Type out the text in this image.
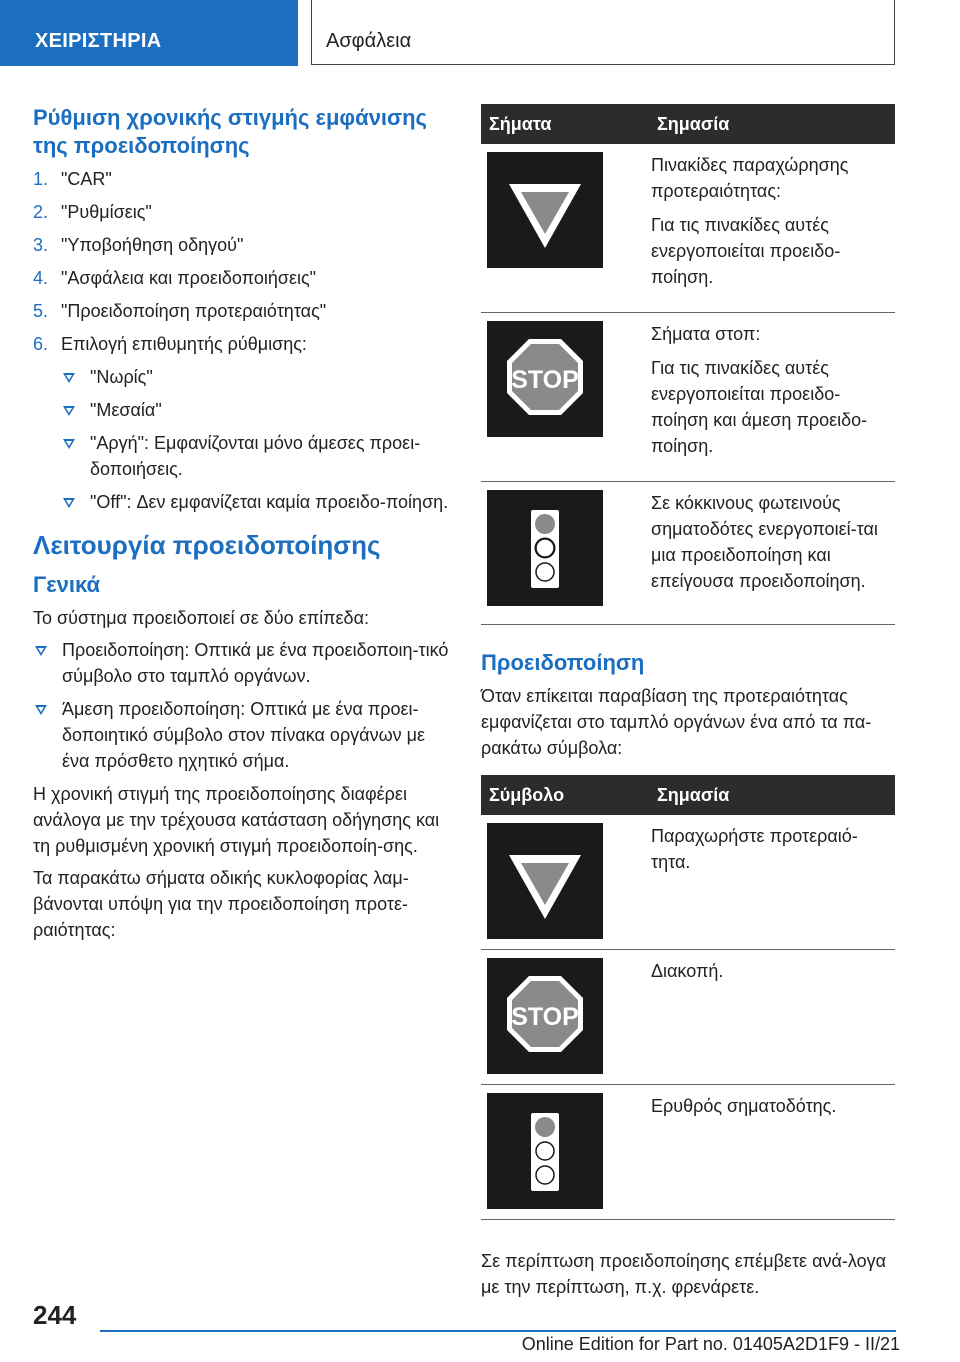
ΧΕΙΡΙΣΤΗΡΙΑ	Ασφάλεια
Ρύθμιση χρονικής στιγμής εμφάνισης της προειδοποίησης
1. "CAR"
2. "Ρυθμίσεις"
3. "Υποβοήθηση οδηγού"
4. "Ασφάλεια και προειδοποιήσεις"
5. "Προειδοποίηση προτεραιότητας"
6. Επιλογή επιθυμητής ρύθμισης:
"Νωρίς"
"Μεσαία"
"Αργή": Εμφανίζονται μόνο άμεσες προει-δοποιήσεις.
"Off": Δεν εμφανίζεται καμία προειδο-ποίηση.
Λειτουργία προειδοποίησης
Γενικά
Το σύστημα προειδοποιεί σε δύο επίπεδα:
Προειδοποίηση: Οπτικά με ένα προειδοποιη-τικό σύμβολο στο ταμπλό οργάνων.
Άμεση προειδοποίηση: Οπτικά με ένα προει-δοποιητικό σύμβολο στον πίνακα οργάνων με ένα πρόσθετο ηχητικό σήμα.
Η χρονική στιγμή της προειδοποίησης διαφέρει ανάλογα με την τρέχουσα κατάσταση οδήγησης και τη ρυθμισμένη χρονική στιγμή προειδοποίη-σης.
Τα παρακάτω σήματα οδικής κυκλοφορίας λαμ-βάνονται υπόψη για την προειδοποίηση προτε-ραιότητας:
Σήματα	Σημασία

Πινακίδες παραχώρησης προτεραιότητας:

Για τις πινακίδες αυτές ενεργοποιείται προειδο-ποίηση.

STOP	Σήματα στοπ:

Για τις πινακίδες αυτές ενεργοποιείται προειδο-ποίηση και άμεση προειδο-ποίηση.

Σε κόκκινους φωτεινούς σηματοδότες ενεργοποιεί-ται μια προειδοποίηση και επείγουσα προειδοποίηση.

Προειδοποίηση
Όταν επίκειται παραβίαση της προτεραιότητας εμφανίζεται στο ταμπλό οργάνων ένα από τα πα-ρακάτω σύμβολα:
Σύμβολο	Σημασία

Παραχωρήστε προτεραιό-τητα.

STOP	Διακοπή.

Ερυθρός σηματοδότης.

Σε περίπτωση προειδοποίησης επέμβετε ανά-λογα με την περίπτωση, π.χ. φρενάρετε.
244
Online Edition for Part no. 01405A2D1F9 - II/21
